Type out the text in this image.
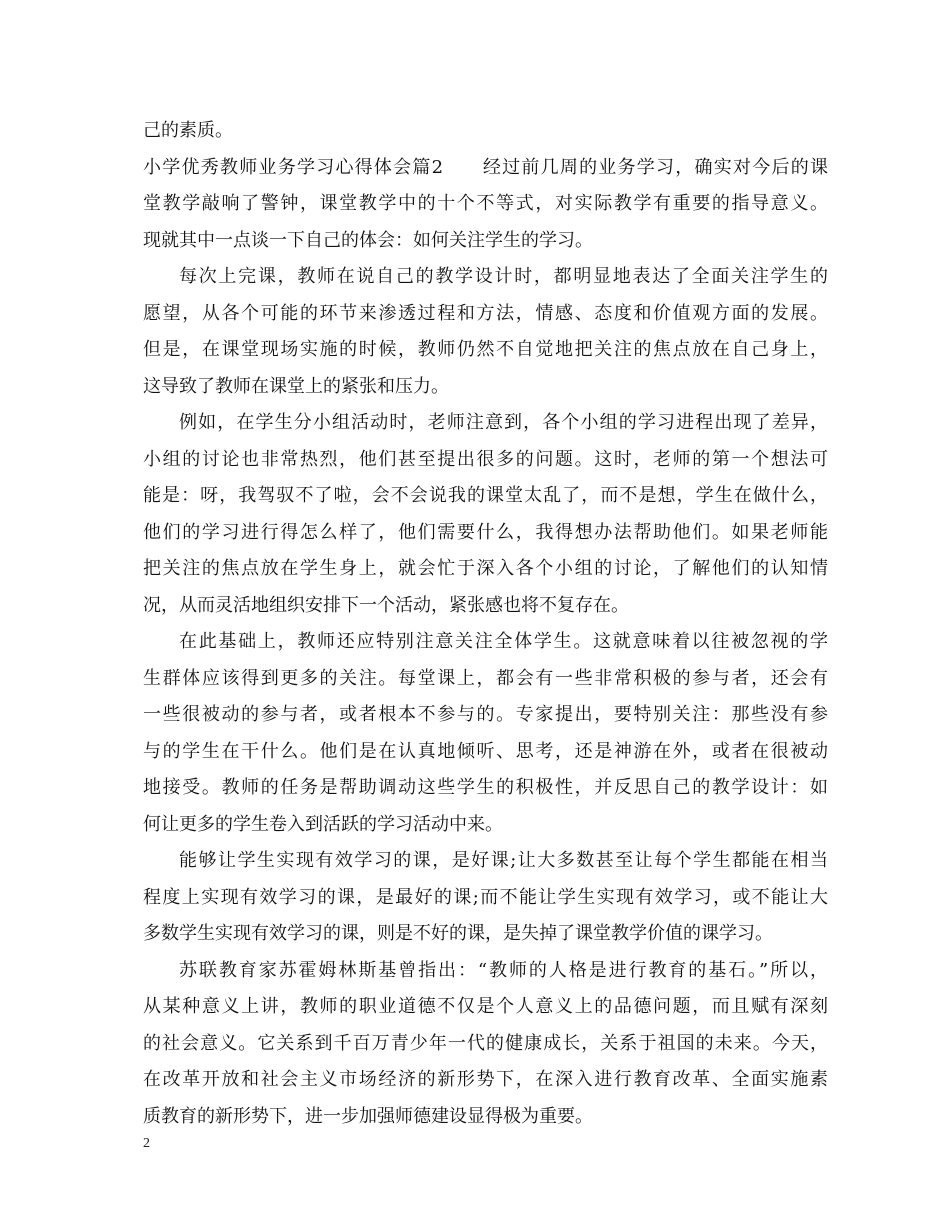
己的素质。

小学优秀教师业务学习心得体会篇2　　经过前几周的业务学习，确实对今后的课

堂教学敲响了警钟，课堂教学中的十个不等式，对实际教学有重要的指导意义。

现就其中一点谈一下自己的体会：如何关注学生的学习。

每次上完课，教师在说自己的教学设计时，都明显地表达了全面关注学生的

愿望，从各个可能的环节来渗透过程和方法，情感、态度和价值观方面的发展。

但是，在课堂现场实施的时候，教师仍然不自觉地把关注的焦点放在自己身上，

这导致了教师在课堂上的紧张和压力。

例如，在学生分小组活动时，老师注意到，各个小组的学习进程出现了差异，

小组的讨论也非常热烈，他们甚至提出很多的问题。这时，老师的第一个想法可

能是：呀，我驾驭不了啦，会不会说我的课堂太乱了，而不是想，学生在做什么，

他们的学习进行得怎么样了，他们需要什么，我得想办法帮助他们。如果老师能

把关注的焦点放在学生身上，就会忙于深入各个小组的讨论，了解他们的认知情

况，从而灵活地组织安排下一个活动，紧张感也将不复存在。

在此基础上，教师还应特别注意关注全体学生。这就意味着以往被忽视的学

生群体应该得到更多的关注。每堂课上，都会有一些非常积极的参与者，还会有

一些很被动的参与者，或者根本不参与的。专家提出，要特别关注：那些没有参

与的学生在干什么。他们是在认真地倾听、思考，还是神游在外，或者在很被动

地接受。教师的任务是帮助调动这些学生的积极性，并反思自己的教学设计：如

何让更多的学生卷入到活跃的学习活动中来。

能够让学生实现有效学习的课，是好课;让大多数甚至让每个学生都能在相当

程度上实现有效学习的课，是最好的课;而不能让学生实现有效学习，或不能让大

多数学生实现有效学习的课，则是不好的课，是失掉了课堂教学价值的课学习。

苏联教育家苏霍姆林斯基曾指出：“教师的人格是进行教育的基石。”所以，

从某种意义上讲，教师的职业道德不仅是个人意义上的品德问题，而且赋有深刻

的社会意义。它关系到千百万青少年一代的健康成长，关系于祖国的未来。今天，

在改革开放和社会主义市场经济的新形势下，在深入进行教育改革、全面实施素

质教育的新形势下，进一步加强师德建设显得极为重要。

2
